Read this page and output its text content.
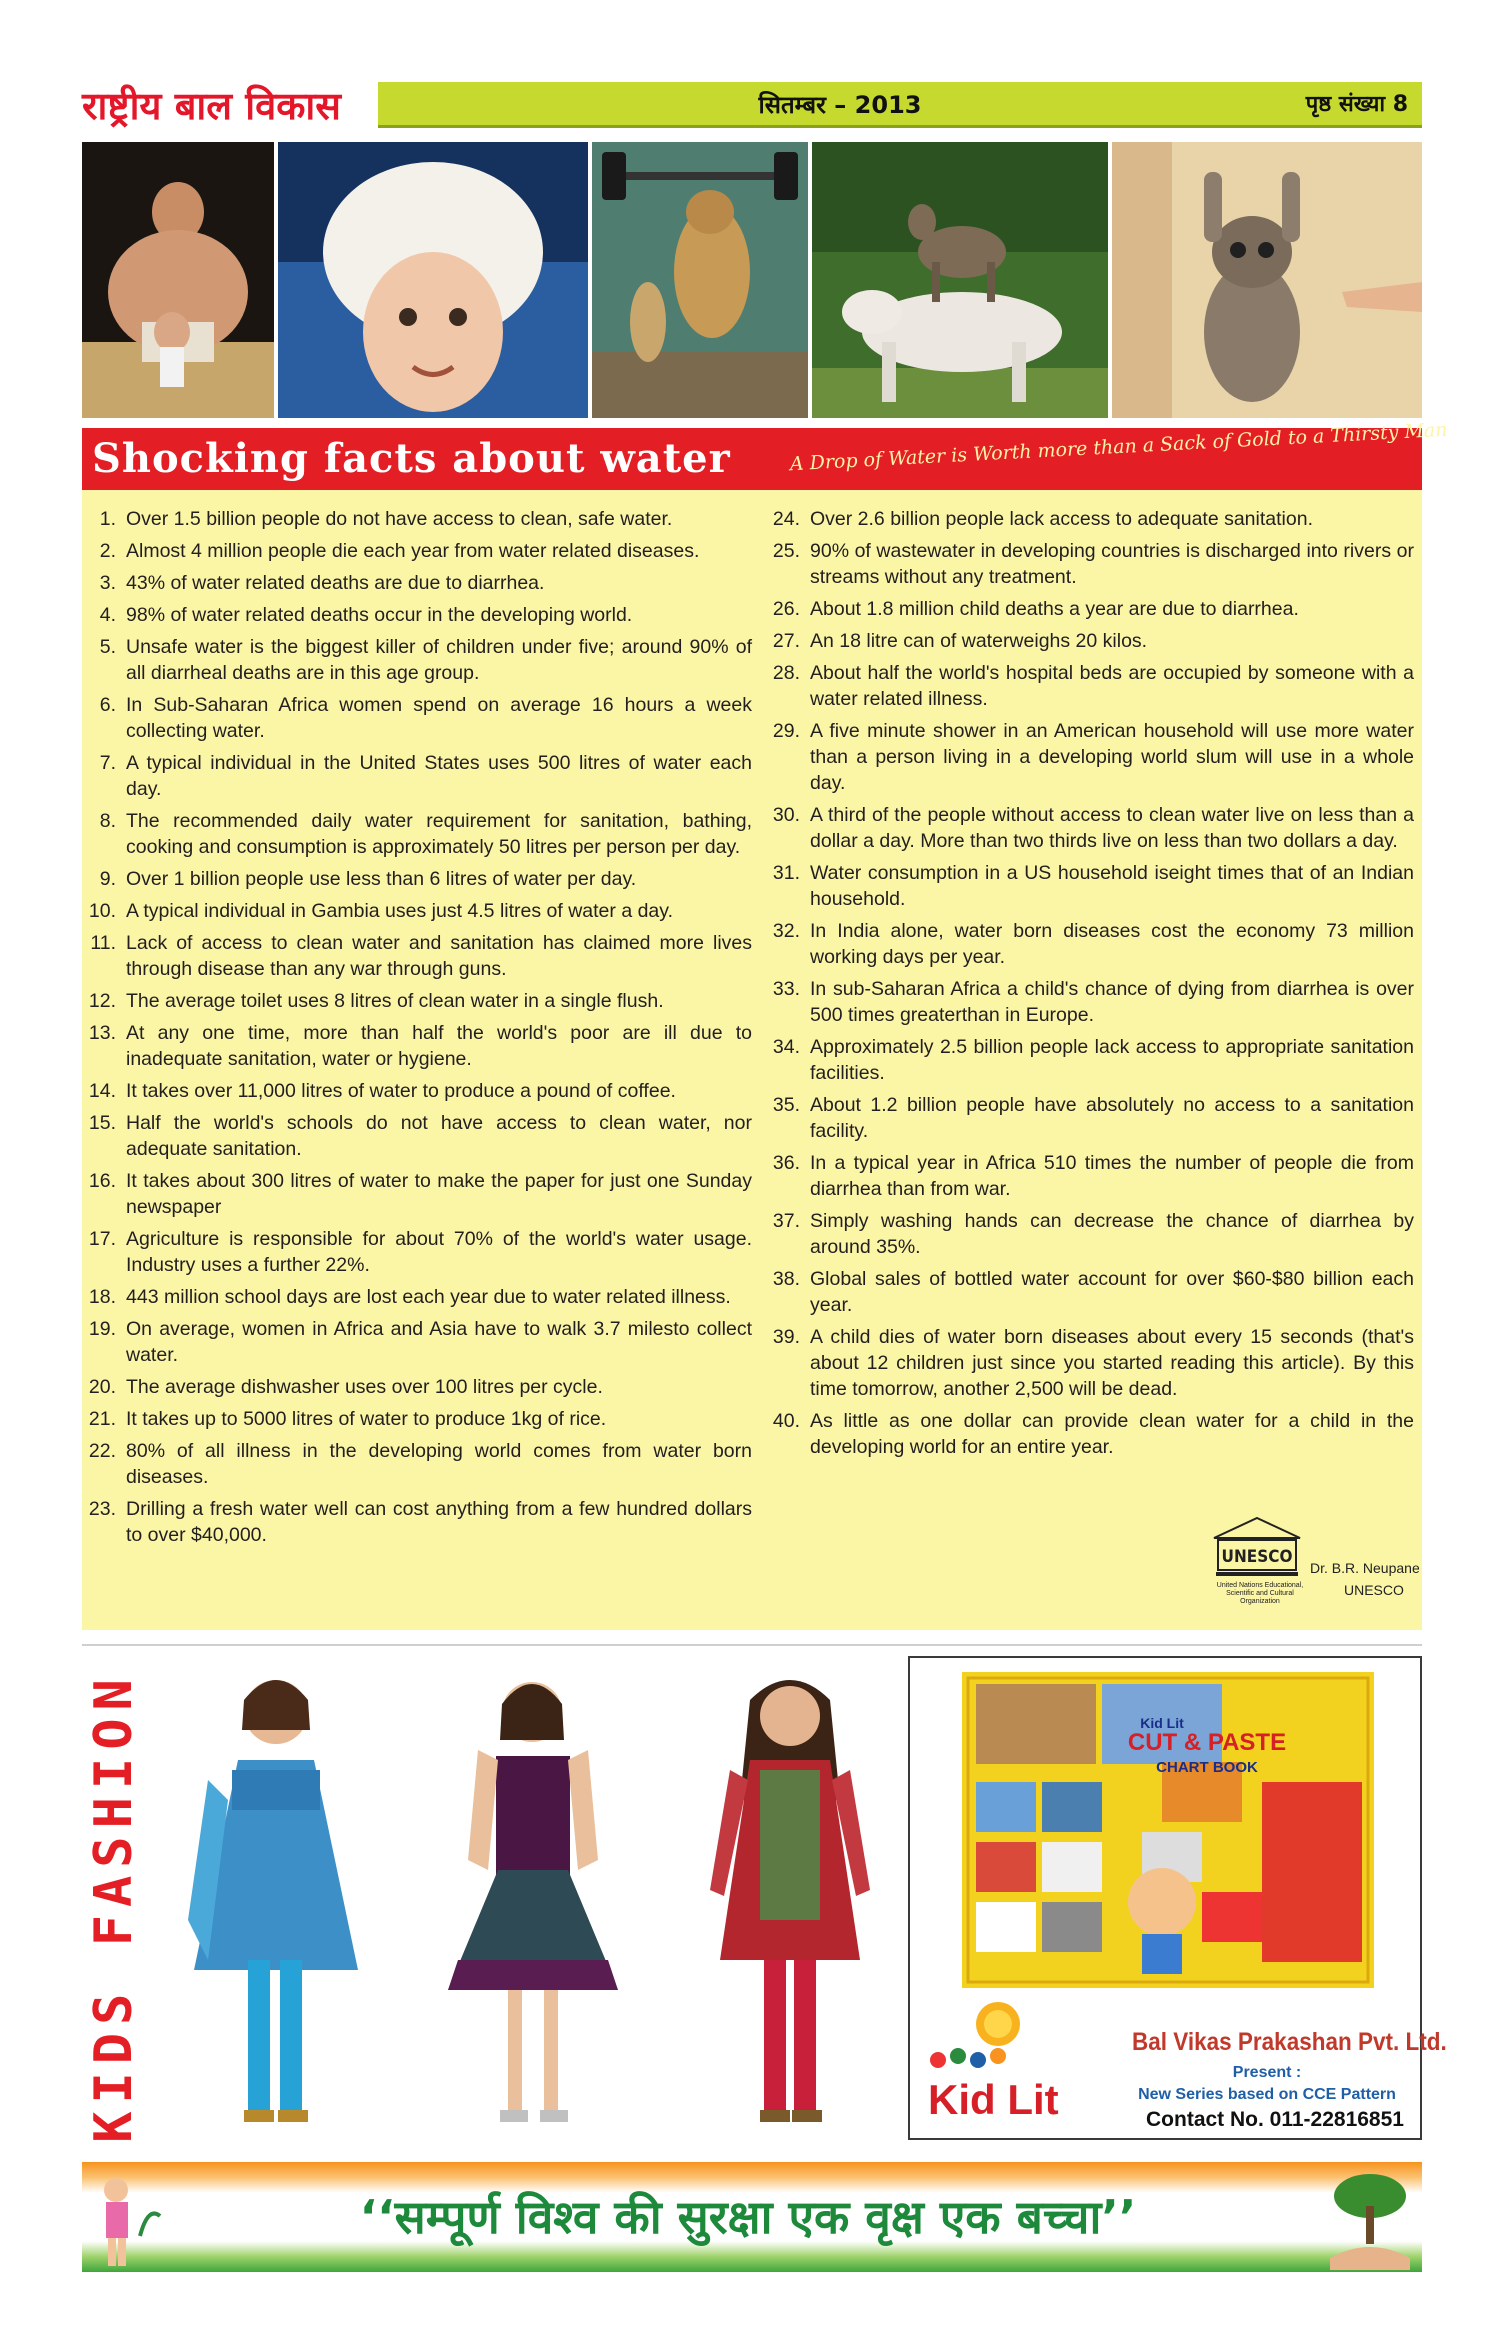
राष्ट्रीय बाल विकास	सितम्बर – 2013	पृष्ठ संख्या 8
Shocking facts about water	A Drop of Water is Worth more than a Sack of Gold to a Thirsty Man
1. Over 1.5 billion people do not have access to clean, safe water.
2. Almost 4 million people die each year from water related diseases.
3. 43% of water related deaths are due to diarrhea.
4. 98% of water related deaths occur in the developing world.
5. Unsafe water is the biggest killer of children under five; around 90% of all diarrheal deaths are in this age group.
6. In Sub-Saharan Africa women spend on average 16 hours a week collecting water.
7. A typical individual in the United States uses 500 litres of water each day.
8. The recommended daily water requirement for sanitation, bathing, cooking and consumption is approximately 50 litres per person per day.
9. Over 1 billion people use less than 6 litres of water per day.
10. A typical individual in Gambia uses just 4.5 litres of water a day.
11. Lack of access to clean water and sanitation has claimed more lives through disease than any war through guns.
12. The average toilet uses 8 litres of clean water in a single flush.
13. At any one time, more than half the world's poor are ill due to inadequate sanitation, water or hygiene.
14. It takes over 11,000 litres of water to produce a pound of coffee.
15. Half the world's schools do not have access to clean water, nor adequate sanitation.
16. It takes about 300 litres of water to make the paper for just one Sunday newspaper
17. Agriculture is responsible for about 70% of the world's water usage. Industry uses a further 22%.
18. 443 million school days are lost each year due to water related illness.
19. On average, women in Africa and Asia have to walk 3.7 milesto collect water.
20. The average dishwasher uses over 100 litres per cycle.
21. It takes up to 5000 litres of water to produce 1kg of rice.
22. 80% of all illness in the developing world comes from water born diseases.
23. Drilling a fresh water well can cost anything from a few hundred dollars to over $40,000.
24. Over 2.6 billion people lack access to adequate sanitation.
25. 90% of wastewater in developing countries is discharged into rivers or streams without any treatment.
26. About 1.8 million child deaths a year are due to diarrhea.
27. An 18 litre can of waterweighs 20 kilos.
28. About half the world's hospital beds are occupied by someone with a water related illness.
29. A five minute shower in an American household will use more water than a person living in a developing world slum will use in a whole day.
30. A third of the people without access to clean water live on less than a dollar a day. More than two thirds live on less than two dollars a day.
31. Water consumption in a US household iseight times that of an Indian household.
32. In India alone, water born diseases cost the economy 73 million working days per year.
33. In sub-Saharan Africa a child's chance of dying from diarrhea is over 500 times greaterthan in Europe.
34. Approximately 2.5 billion people lack access to appropriate sanitation facilities.
35. About 1.2 billion people have absolutely no access to a sanitation facility.
36. In a typical year in Africa 510 times the number of people die from diarrhea than from war.
37. Simply washing hands can decrease the chance of diarrhea by around 35%.
38. Global sales of bottled water account for over $60-$80 billion each year.
39. A child dies of water born diseases about every 15 seconds (that's about 12 children just since you started reading this article). By this time tomorrow, another 2,500 will be dead.
40. As little as one dollar can provide clean water for a child in the developing world for an entire year.
UNESCO
United Nations Educational, Scientific and Cultural Organization
Dr. B.R. Neupane
UNESCO
KIDS FASHION	Kid Lit
CUT & PASTE
CHART BOOK
Kid Lit
Bal Vikas Prakashan Pvt. Ltd.
Present :
New Series based on CCE Pattern
Contact No. 011-22816851
‘‘सम्पूर्ण विश्व की सुरक्षा एक वृक्ष एक बच्चा’’
